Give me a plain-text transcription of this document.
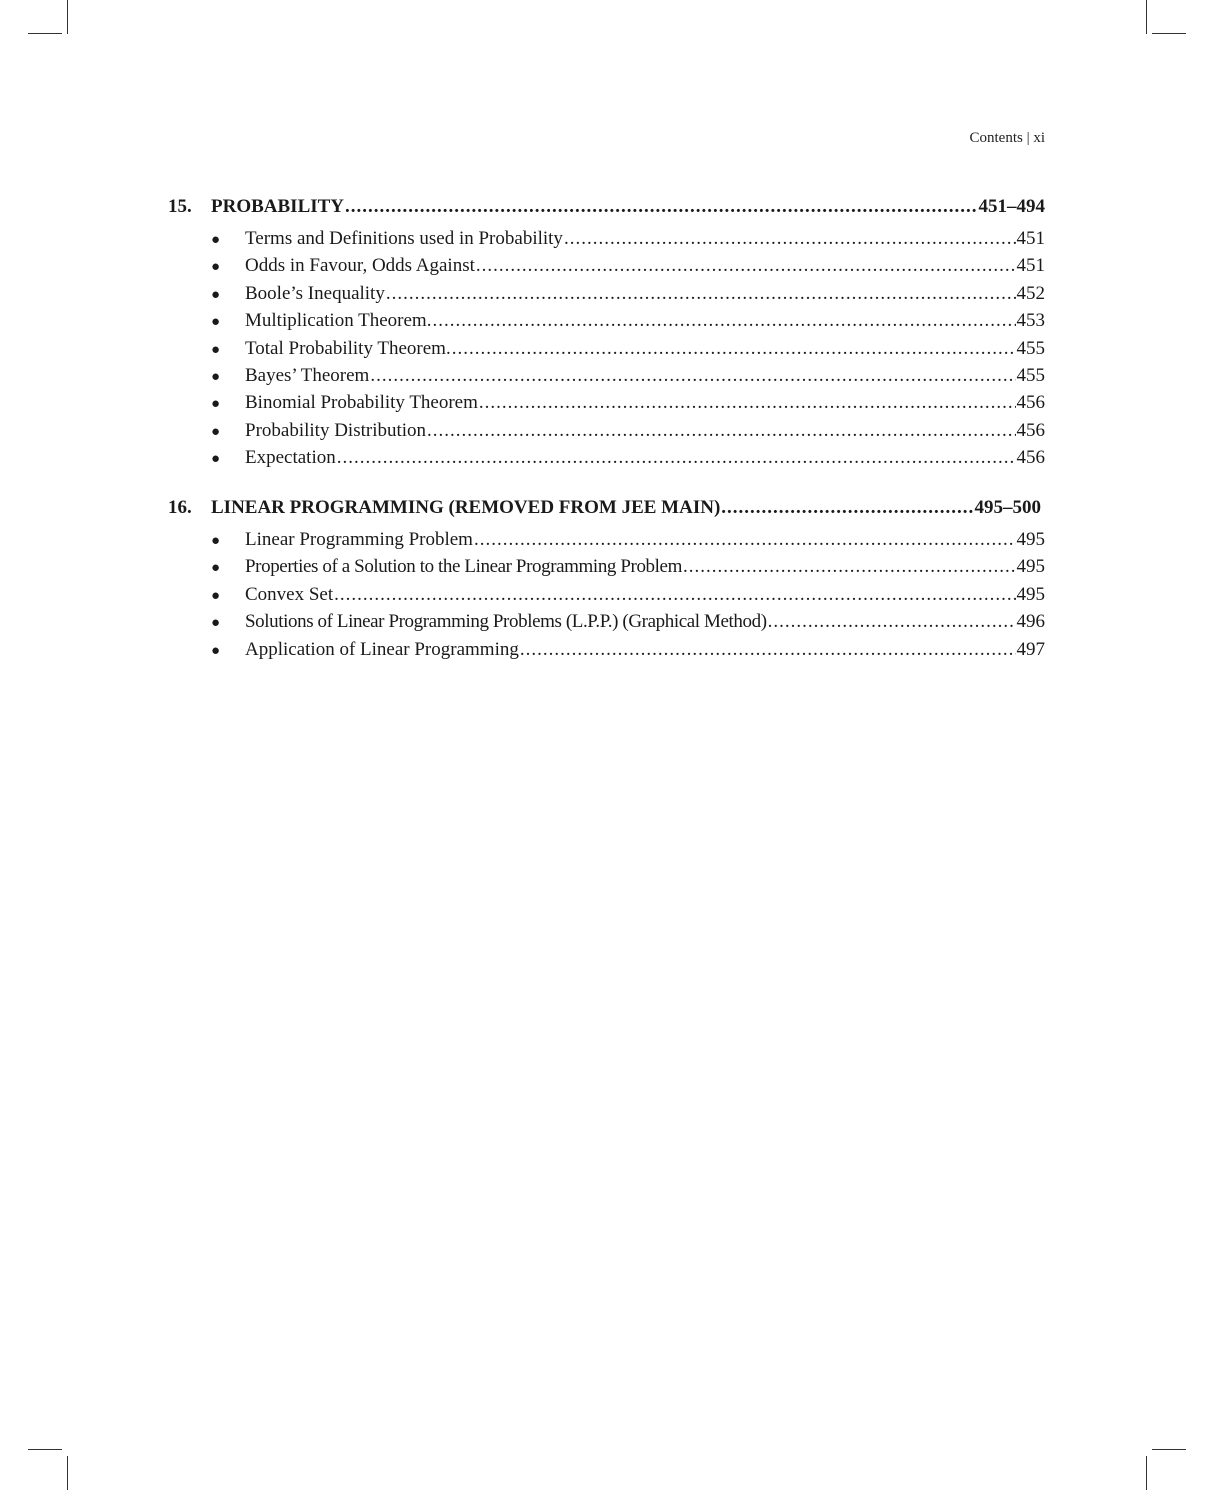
Contents | xi
15.	PROBABILITY .....	451–494
●	Terms and Definitions used in Probability .....	451
●	Odds in Favour, Odds Against .....	451
●	Boole’s Inequality .....	452
●	Multiplication Theorem. .....	453
●	Total Probability Theorem. .....	455
●	Bayes’ Theorem .....	455
●	Binomial Probability Theorem .....	456
●	Probability Distribution .....	456
●	Expectation .....	456
16.	LINEAR PROGRAMMING (REMOVED FROM JEE MAIN) .....	495–500
●	Linear Programming Problem .....	495
●	Properties of a Solution to the Linear Programming Problem .....	495
●	Convex Set .....	495
●	Solutions of Linear Programming Problems (L.P.P.) (Graphical Method) .....	496
●	Application of Linear Programming .....	497
